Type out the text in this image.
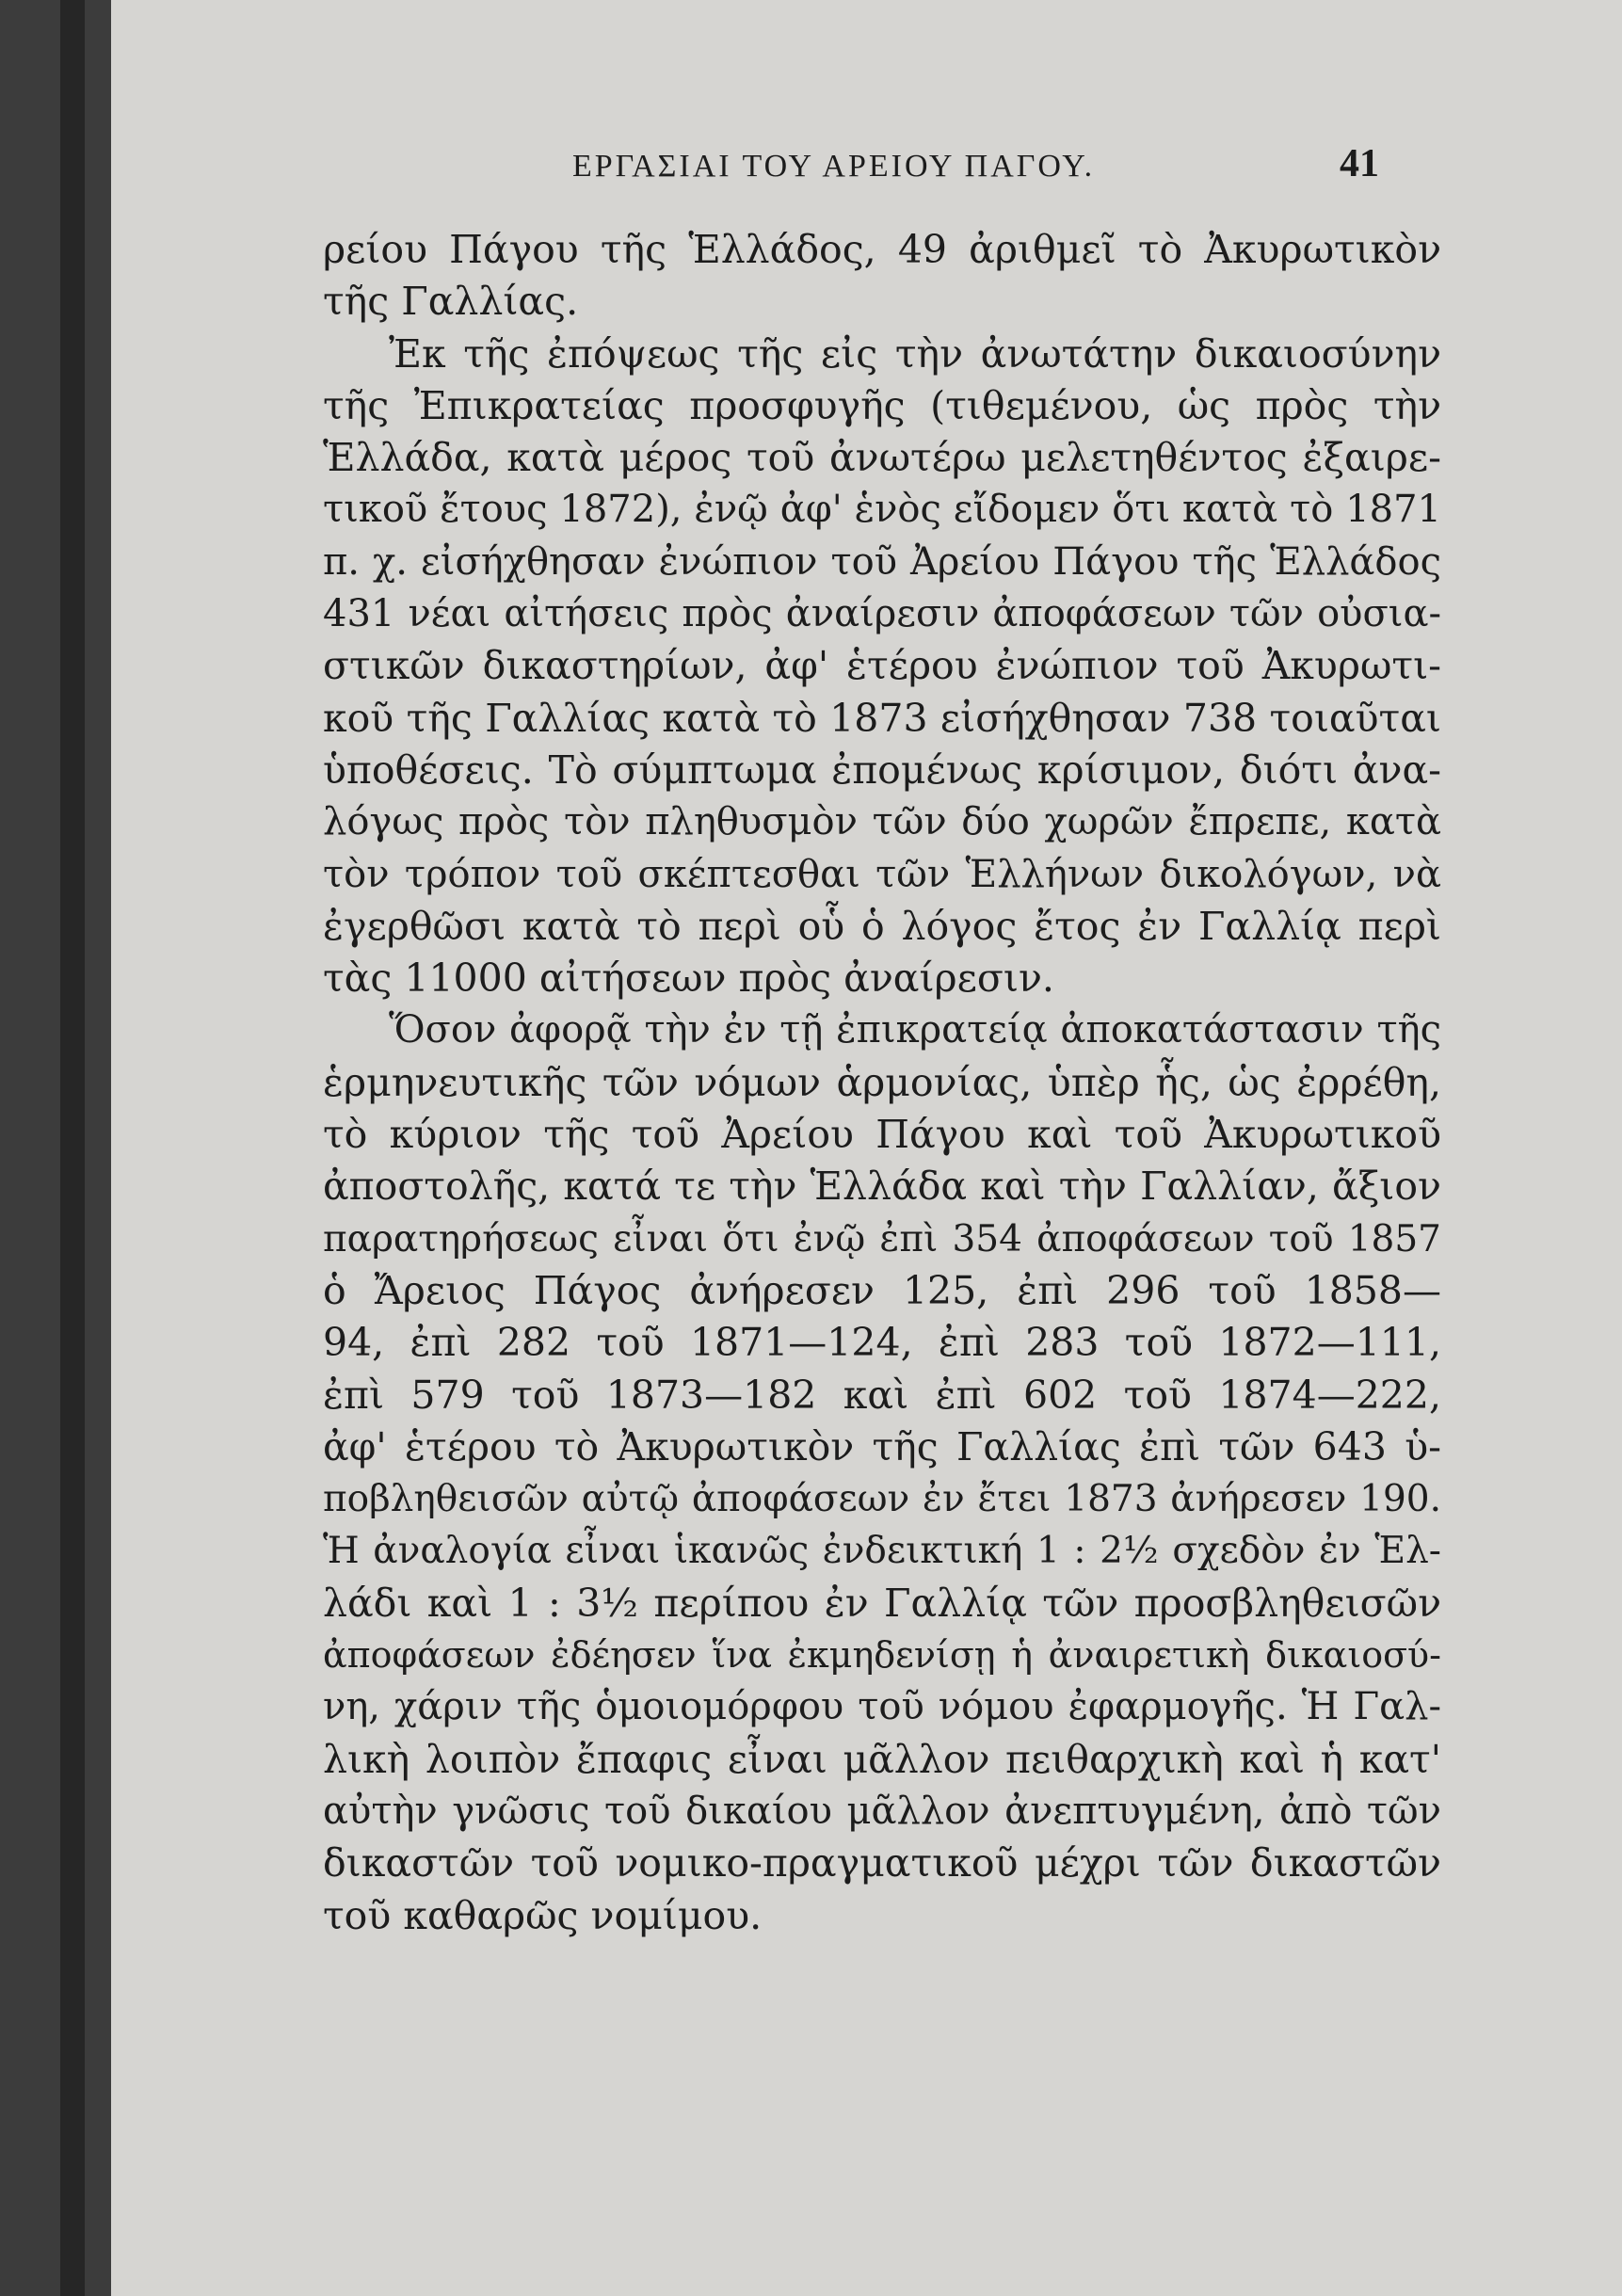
ΕΡΓΑΣΙΑΙ ΤΟΥ ΑΡΕΙΟΥ ΠΑΓΟΥ.	41
ρείου Πάγου τῆς Ἑλλάδος, 49 ἀριθμεῖ τὸ Ἀκυρωτικὸν
τῆς Γαλλίας.
Ἐκ τῆς ἐπόψεως τῆς εἰς τὴν ἀνωτάτην δικαιοσύνην
τῆς Ἐπικρατείας προσφυγῆς (τιθεμένου, ὡς πρὸς τὴν
Ἑλλάδα, κατὰ μέρος τοῦ ἀνωτέρω μελετηθέντος ἐξαιρε-
τικοῦ ἔτους 1872), ἐνῷ ἀφ' ἑνὸς εἴδομεν ὅτι κατὰ τὸ 1871
π. χ. εἰσήχθησαν ἐνώπιον τοῦ Ἀρείου Πάγου τῆς Ἑλλάδος
431 νέαι αἰτήσεις πρὸς ἀναίρεσιν ἀποφάσεων τῶν οὐσια-
στικῶν δικαστηρίων, ἀφ' ἑτέρου ἐνώπιον τοῦ Ἀκυρωτι-
κοῦ τῆς Γαλλίας κατὰ τὸ 1873 εἰσήχθησαν 738 τοιαῦται
ὑποθέσεις. Τὸ σύμπτωμα ἐπομένως κρίσιμον, διότι ἀνα-
λόγως πρὸς τὸν πληθυσμὸν τῶν δύο χωρῶν ἔπρεπε, κατὰ
τὸν τρόπον τοῦ σκέπτεσθαι τῶν Ἑλλήνων δικολόγων, νὰ
ἐγερθῶσι κατὰ τὸ περὶ οὗ ὁ λόγος ἔτος ἐν Γαλλίᾳ περὶ
τὰς 11000 αἰτήσεων πρὸς ἀναίρεσιν.
Ὅσον ἀφορᾷ τὴν ἐν τῇ ἐπικρατείᾳ ἀποκατάστασιν τῆς
ἑρμηνευτικῆς τῶν νόμων ἁρμονίας, ὑπὲρ ἧς, ὡς ἐρρέθη,
τὸ κύριον τῆς τοῦ Ἀρείου Πάγου καὶ τοῦ Ἀκυρωτικοῦ
ἀποστολῆς, κατά τε τὴν Ἑλλάδα καὶ τὴν Γαλλίαν, ἄξιον
παρατηρήσεως εἶναι ὅτι ἐνῷ ἐπὶ 354 ἀποφάσεων τοῦ 1857
ὁ Ἄρειος Πάγος ἀνήρεσεν 125, ἐπὶ 296 τοῦ 1858—
94, ἐπὶ 282 τοῦ 1871—124, ἐπὶ 283 τοῦ 1872—111,
ἐπὶ 579 τοῦ 1873—182 καὶ ἐπὶ 602 τοῦ 1874—222,
ἀφ' ἑτέρου τὸ Ἀκυρωτικὸν τῆς Γαλλίας ἐπὶ τῶν 643 ὑ-
ποβληθεισῶν αὐτῷ ἀποφάσεων ἐν ἔτει 1873 ἀνήρεσεν 190.
Ἡ ἀναλογία εἶναι ἱκανῶς ἐνδεικτική 1 : 2½ σχεδὸν ἐν Ἑλ-
λάδι καὶ 1 : 3½ περίπου ἐν Γαλλίᾳ τῶν προσβληθεισῶν
ἀποφάσεων ἐδέησεν ἵνα ἐκμηδενίσῃ ἡ ἀναιρετικὴ δικαιοσύ-
νη, χάριν τῆς ὁμοιομόρφου τοῦ νόμου ἐφαρμογῆς. Ἡ Γαλ-
λικὴ λοιπὸν ἔπαφις εἶναι μᾶλλον πειθαρχικὴ καὶ ἡ κατ'
αὐτὴν γνῶσις τοῦ δικαίου μᾶλλον ἀνεπτυγμένη, ἀπὸ τῶν
δικαστῶν τοῦ νομικο-πραγματικοῦ μέχρι τῶν δικαστῶν
τοῦ καθαρῶς νομίμου.
